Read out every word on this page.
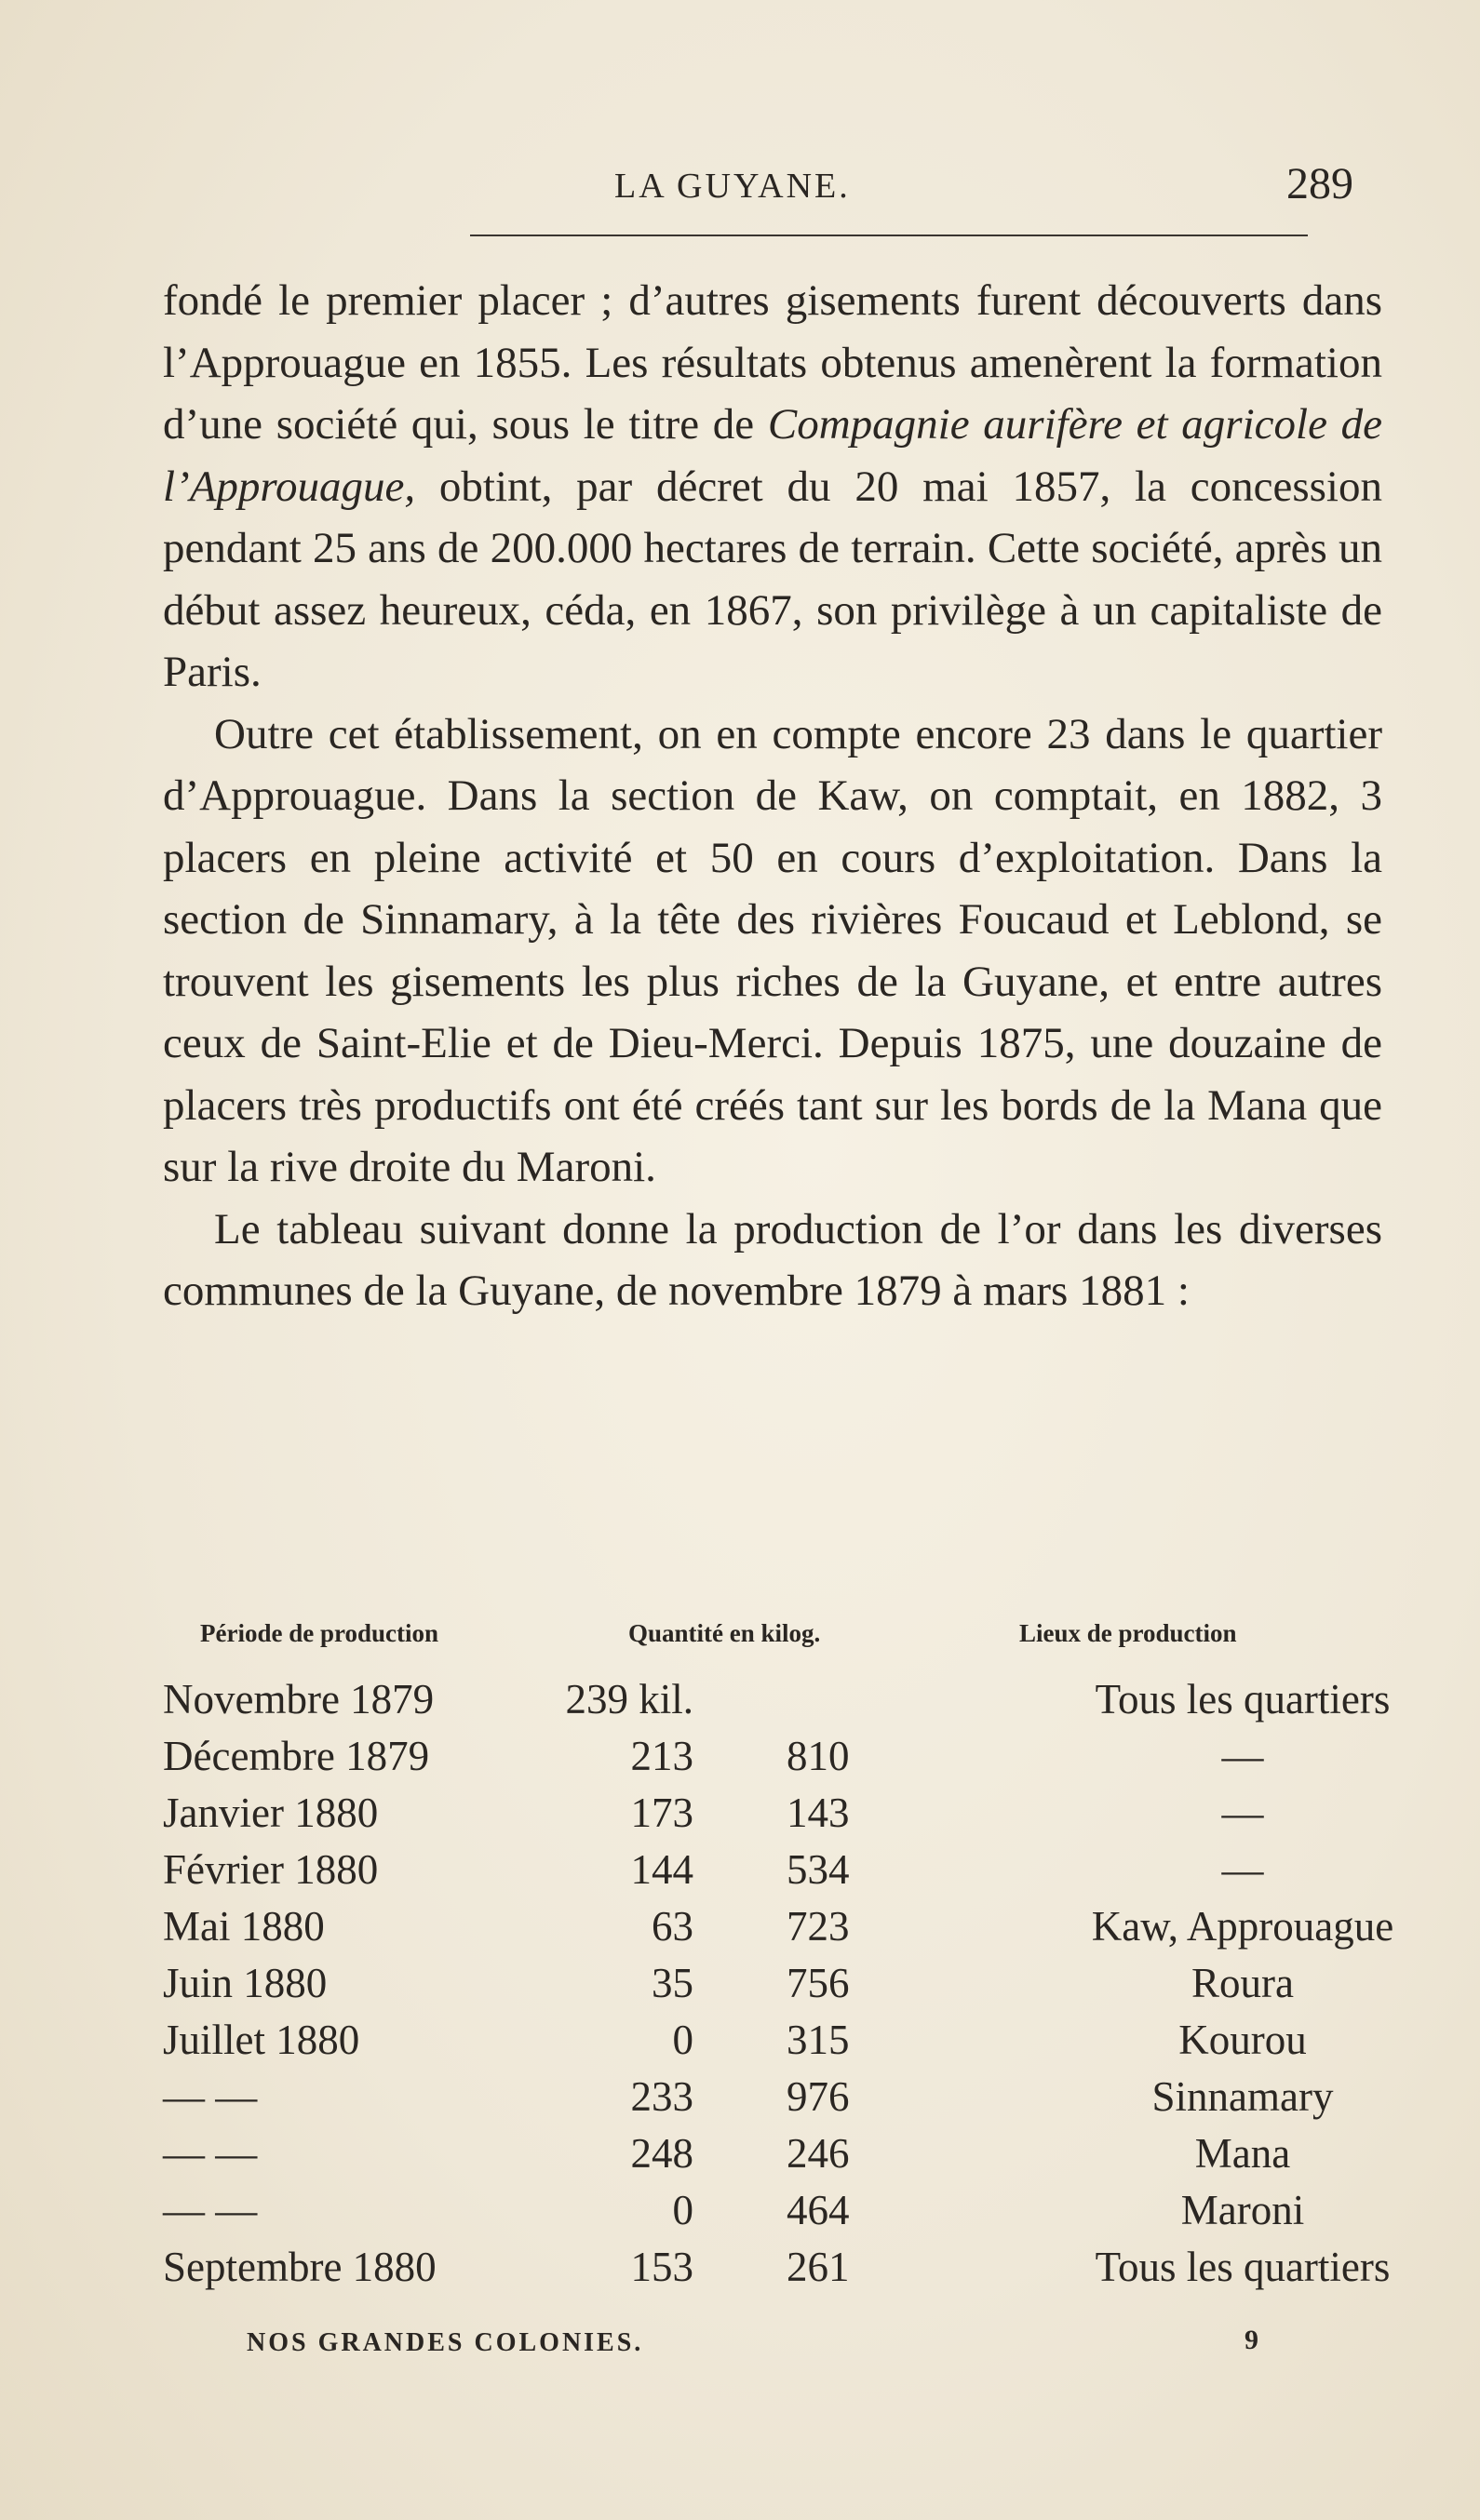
LA GUYANE.	289

fondé le premier placer ; d’autres gisements furent découverts dans l’Approuague en 1855. Les résultats obtenus amenèrent la formation d’une société qui, sous le titre de Compagnie aurifère et agricole de l’Approuague, obtint, par décret du 20 mai 1857, la concession pendant 25 ans de 200.000 hectares de terrain. Cette société, après un début assez heureux, céda, en 1867, son privilège à un capitaliste de Paris.

Outre cet établissement, on en compte encore 23 dans le quartier d’Approuague. Dans la section de Kaw, on comptait, en 1882, 3 placers en pleine activité et 50 en cours d’exploitation. Dans la section de Sinnamary, à la tête des rivières Foucaud et Leblond, se trouvent les gisements les plus riches de la Guyane, et entre autres ceux de Saint-Elie et de Dieu-Merci. Depuis 1875, une douzaine de placers très productifs ont été créés tant sur les bords de la Mana que sur la rive droite du Maroni.

Le tableau suivant donne la production de l’or dans les diverses communes de la Guyane, de novembre 1879 à mars 1881 :

Période de production	Quantité en kilog.	Lieux de production
Novembre 1879	239 kil.	Tous les quartiers
Décembre 1879	213 810	—
Janvier 1880	173 143	—
Février 1880	144 534	—
Mai 1880	63 723	Kaw, Approuague
Juin 1880	35 756	Roura
Juillet 1880	0 315	Kourou
— —	233 976	Sinnamary
— —	248 246	Mana
— —	0 464	Maroni
Septembre 1880	153 261	Tous les quartiers
NOS GRANDES COLONIES.	9
